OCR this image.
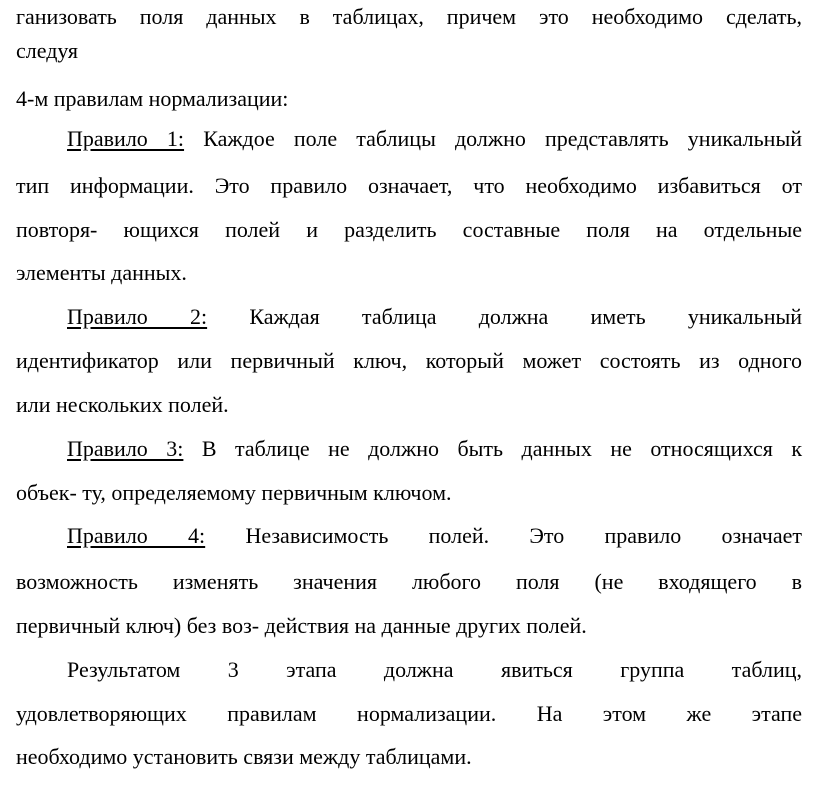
ганизовать поля данных в таблицах, причем это необходимо сделать,
следуя
4-м правилам нормализации:
Правило 1: Каждое поле таблицы должно представлять уникальный
тип информации. Это правило означает, что необходимо избавиться от
повторя- ющихся полей и разделить составные поля на отдельные
элементы данных.
Правило 2: Каждая таблица должна иметь уникальный
идентификатор или первичный ключ, который может состоять из одного
или нескольких полей.
Правило 3: В таблице не должно быть данных не относящихся к
объек- ту, определяемому первичным ключом.
Правило 4: Независимость полей. Это правило означает
возможность изменять значения любого поля (не входящего в
первичный ключ) без воз- действия на данные других полей.
Результатом 3 этапа должна явиться группа таблиц,
удовлетворяющих правилам нормализации. На этом же этапе
необходимо установить связи между таблицами.
